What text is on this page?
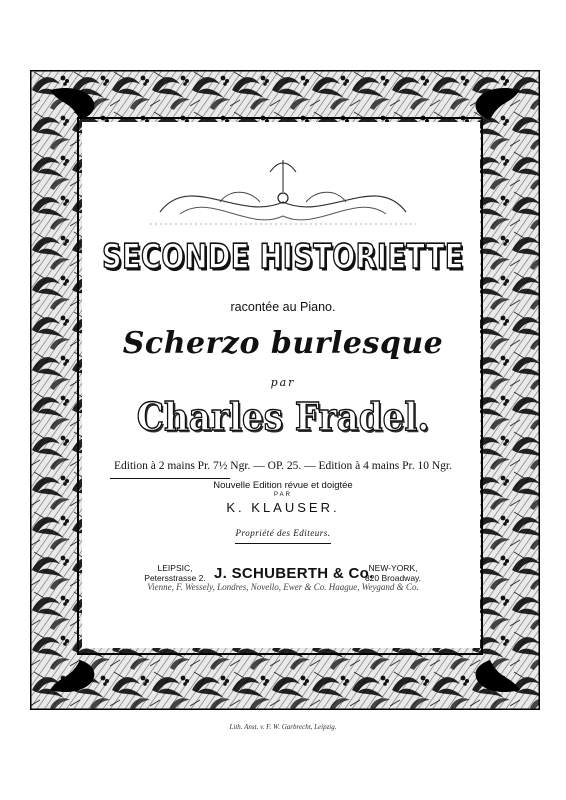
SECONDE HISTORIETTE
racontée au Piano.
Scherzo burlesque
par
Charles Fradel.
Edition à 2 mains Pr. 7½ Ngr. — OP. 25. — Edition à 4 mains Pr. 10 Ngr.
Nouvelle Edition révue et doigtée
PAR
K. KLAUSER.
Propriété des Editeurs.
LEIPSIC,
Petersstrasse 2. J. SCHUBERTH & Co.
NEW-YORK,
820 Broadway.
Vienne, F. Wessely, Londres, Novello, Ewer & Co. Haague, Weygand & Co.
Lith. Anst. v. F. W. Garbrecht, Leipzig.
